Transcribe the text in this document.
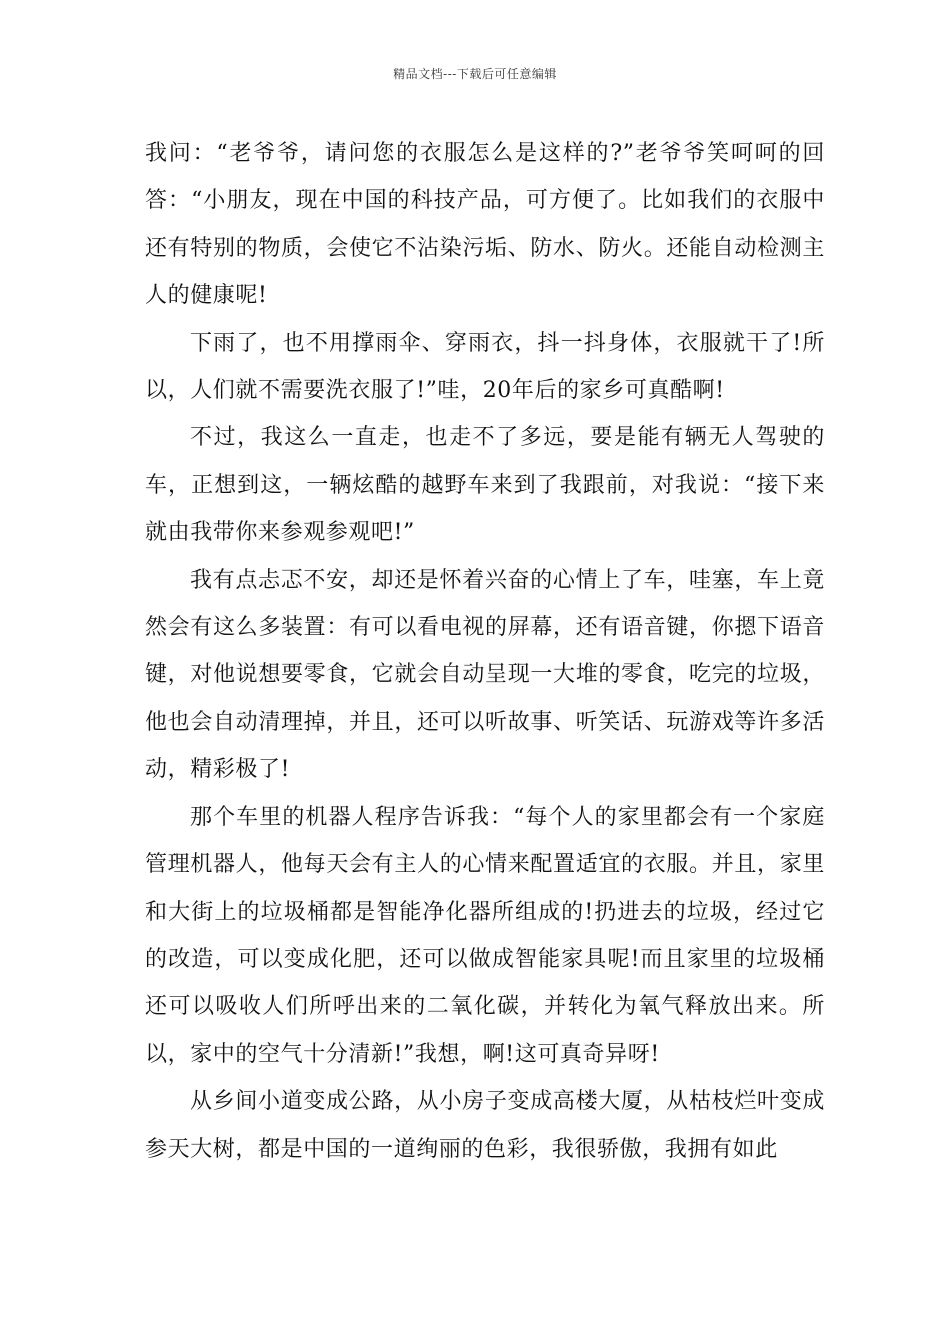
精品文档---下载后可任意编辑

我问：“老爷爷，请问您的衣服怎么是这样的?”老爷爷笑呵呵的回答：“小朋友，现在中国的科技产品，可方便了。比如我们的衣服中还有特别的物质，会使它不沾染污垢、防水、防火。还能自动检测主人的健康呢!

下雨了，也不用撑雨伞、穿雨衣，抖一抖身体，衣服就干了!所以，人们就不需要洗衣服了!”哇，20年后的家乡可真酷啊!

不过，我这么一直走，也走不了多远，要是能有辆无人驾驶的车，正想到这，一辆炫酷的越野车来到了我跟前，对我说：“接下来就由我带你来参观参观吧!”

我有点忐忑不安，却还是怀着兴奋的心情上了车，哇塞，车上竟然会有这么多装置：有可以看电视的屏幕，还有语音键，你摁下语音键，对他说想要零食，它就会自动呈现一大堆的零食，吃完的垃圾，他也会自动清理掉，并且，还可以听故事、听笑话、玩游戏等许多活动，精彩极了!

那个车里的机器人程序告诉我：“每个人的家里都会有一个家庭管理机器人，他每天会有主人的心情来配置适宜的衣服。并且，家里和大街上的垃圾桶都是智能净化器所组成的!扔进去的垃圾，经过它的改造，可以变成化肥，还可以做成智能家具呢!而且家里的垃圾桶还可以吸收人们所呼出来的二氧化碳，并转化为氧气释放出来。所以，家中的空气十分清新!”我想，啊!这可真奇异呀!

从乡间小道变成公路，从小房子变成高楼大厦，从枯枝烂叶变成参天大树，都是中国的一道绚丽的色彩，我很骄傲，我拥有如此
